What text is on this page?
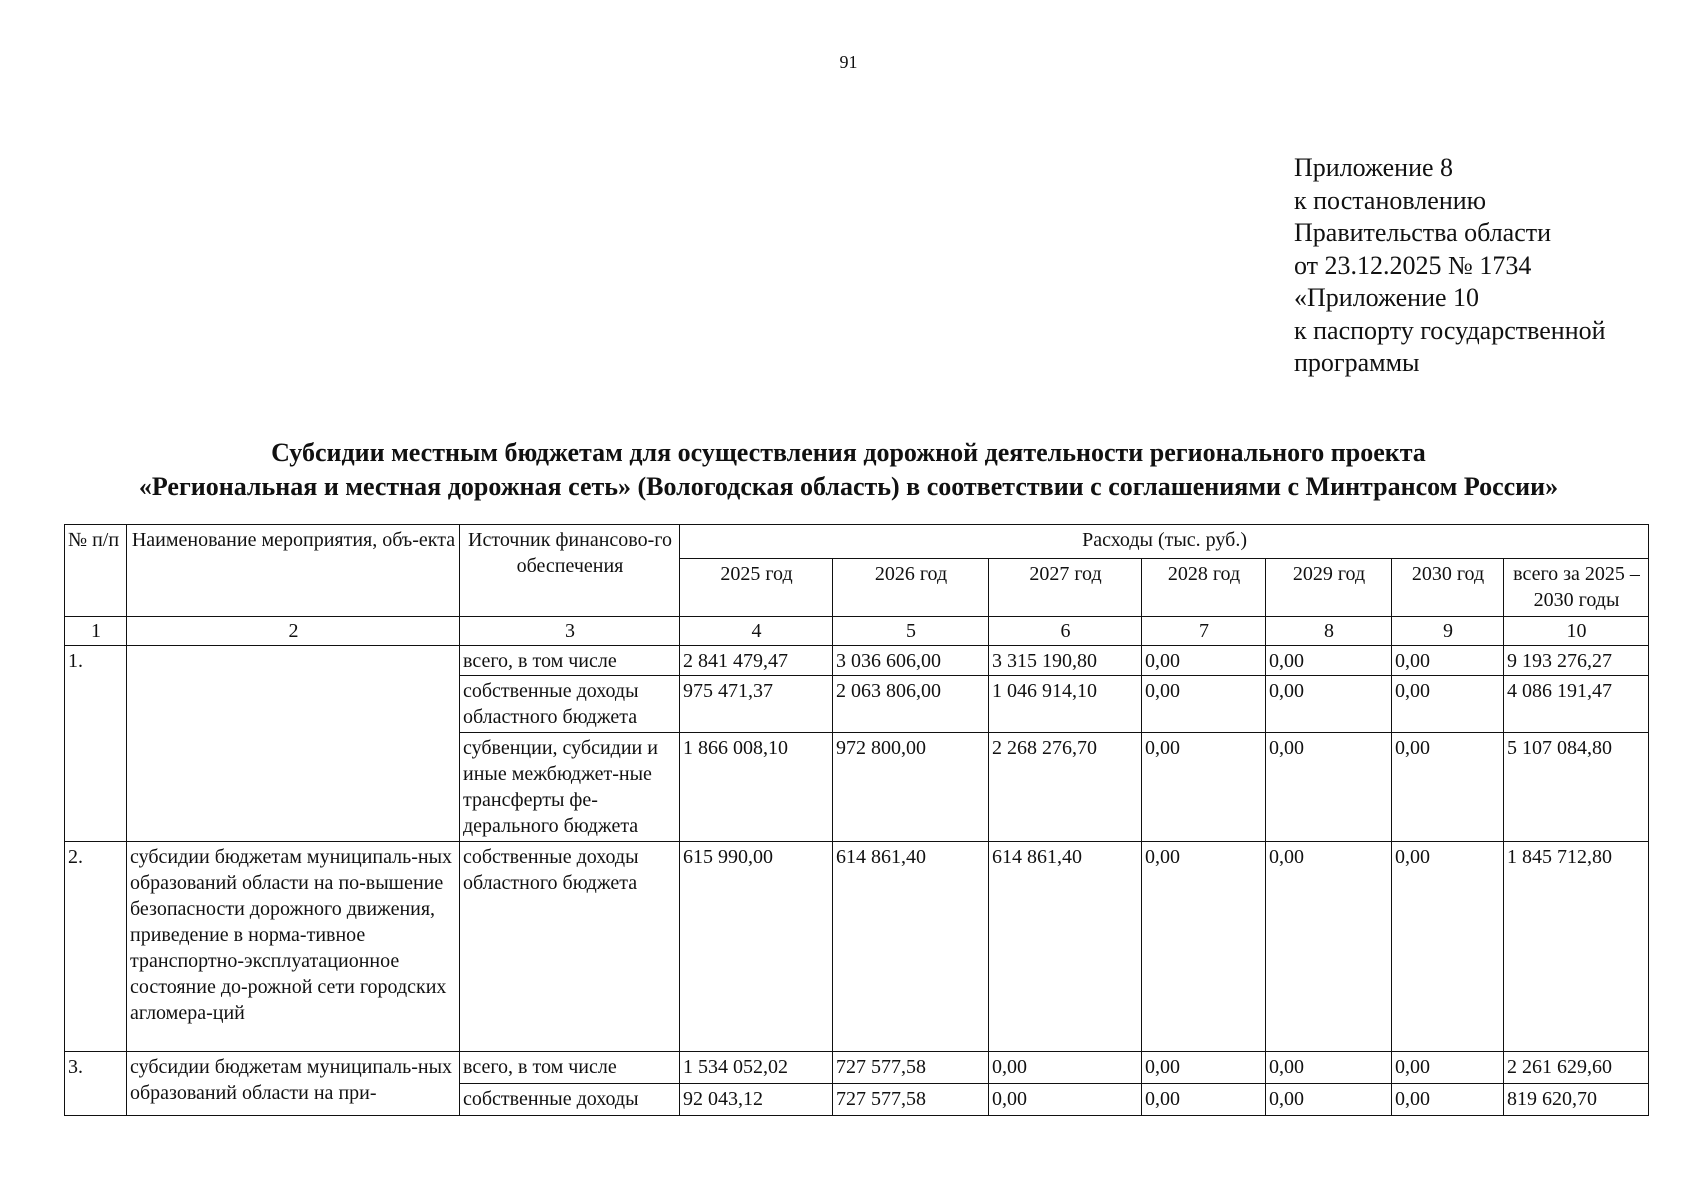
91
Приложение 8
к постановлению
Правительства области
от 23.12.2025 № 1734
«Приложение 10
к паспорту государственной
программы
Субсидии местным бюджетам для осуществления дорожной деятельности регионального проекта
«Региональная и местная дорожная сеть» (Вологодская область) в соответствии с соглашениями с Минтрансом России»
№ п/п	Наименование мероприятия, объ-екта	Источник финансово-го обеспечения	Расходы (тыс. руб.)						
			2025 год	2026 год	2027 год	2028 год	2029 год	2030 год	всего за 2025 – 2030 годы
1	2	3	4	5	6	7	8	9	10
1.		всего, в том числе	2 841 479,47	3 036 606,00	3 315 190,80	0,00	0,00	0,00	9 193 276,27
		собственные доходы областного бюджета	975 471,37	2 063 806,00	1 046 914,10	0,00	0,00	0,00	4 086 191,47
		субвенции, субсидии и иные межбюджет-ные трансферты фе-дерального бюджета	1 866 008,10	972 800,00	2 268 276,70	0,00	0,00	0,00	5 107 084,80
2.	субсидии бюджетам муниципаль-ных образований области на по-вышение безопасности дорожного движения, приведение в норма-тивное транспортно-эксплуатационное состояние до-рожной сети городских агломера-ций	собственные доходы областного бюджета	615 990,00	614 861,40	614 861,40	0,00	0,00	0,00	1 845 712,80
3.	субсидии бюджетам муниципаль-ных образований области на при-	всего, в том числе	1 534 052,02	727 577,58	0,00	0,00	0,00	0,00	2 261 629,60
		собственные доходы	92 043,12	727 577,58	0,00	0,00	0,00	0,00	819 620,70
